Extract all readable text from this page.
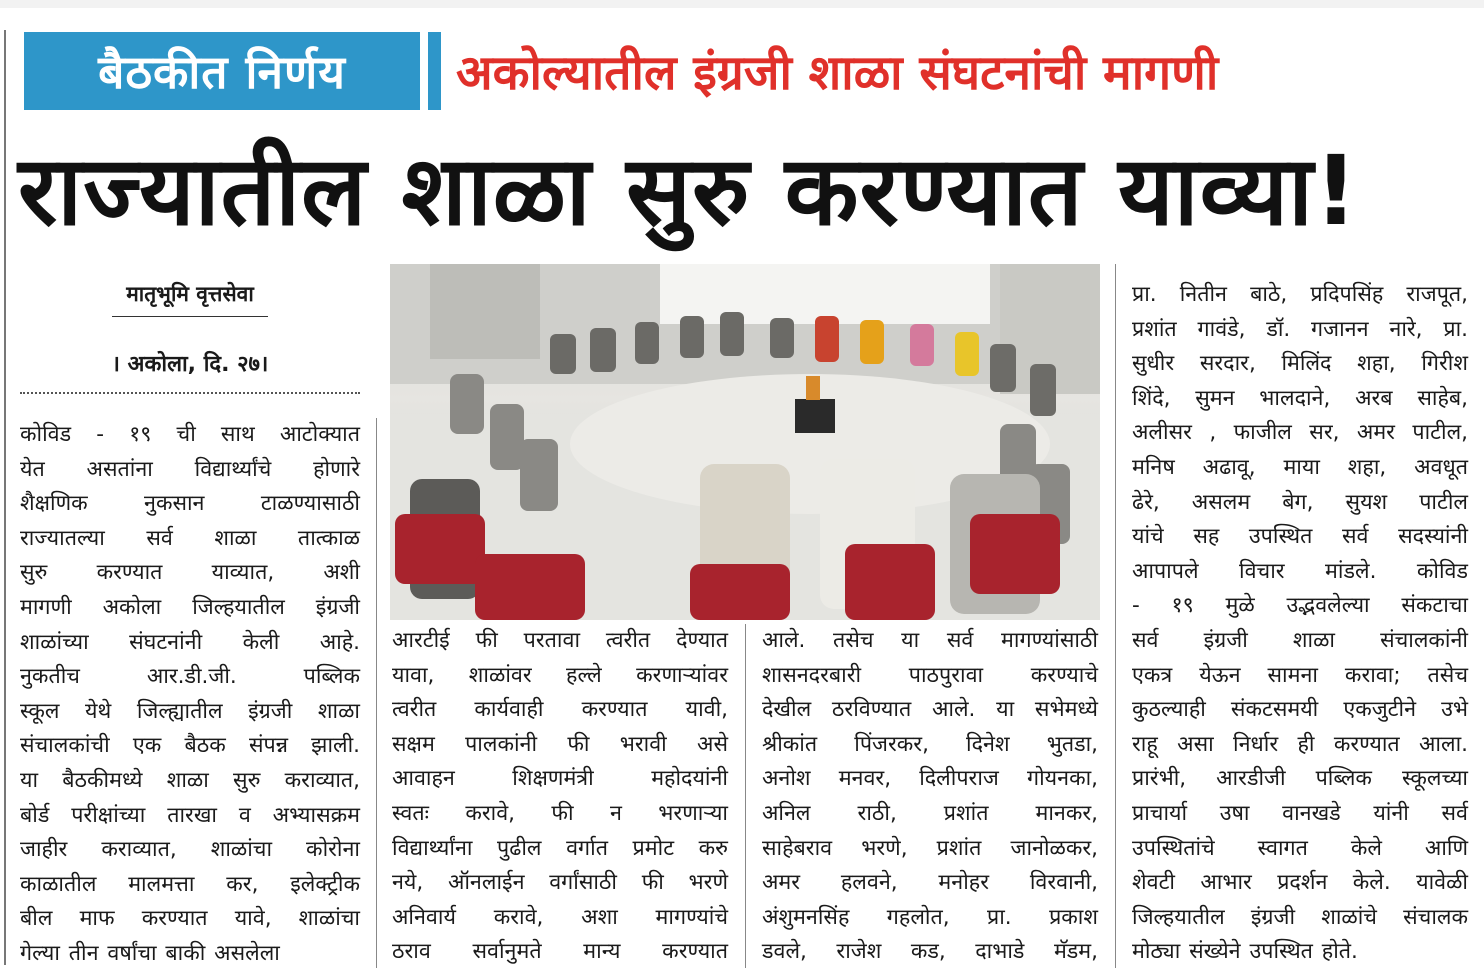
बैठकीत निर्णय अकोल्यातील इंग्रजी शाळा संघटनांची मागणी
राज्यातील शाळा सुरु करण्यात याव्या!
मातृभूमि वृत्तसेवा
। अकोला, दि. २७।

कोविड - १९ ची साथ आटोक्यात

येत असतांना विद्यार्थ्यांचे होणारे

शैक्षणिक नुकसान टाळण्यासाठी

राज्यातल्या सर्व शाळा तात्काळ

सुरु करण्यात याव्यात, अशी

मागणी अकोला जिल्हयातील इंग्रजी

शाळांच्या संघटनांनी केली आहे.

नुकतीच आर.डी.जी. पब्लिक

स्कूल येथे जिल्ह्यातील इंग्रजी शाळा

संचालकांची एक बैठक संपन्न झाली.

या बैठकीमध्ये शाळा सुरु कराव्यात,

बोर्ड परीक्षांच्या तारखा व अभ्यासक्रम

जाहीर कराव्यात, शाळांचा कोरोना

काळातील मालमत्ता कर, इलेक्ट्रीक

बील माफ करण्यात यावे, शाळांचा

गेल्या तीन वर्षांचा बाकी असलेला

आरटीई फी परतावा त्वरीत देण्यात

यावा, शाळांवर हल्ले करणाऱ्यांवर

त्वरीत कार्यवाही करण्यात यावी,

सक्षम पालकांनी फी भरावी असे

आवाहन शिक्षणमंत्री महोदयांनी

स्वतः करावे, फी न भरणाऱ्या

विद्यार्थ्यांना पुढील वर्गात प्रमोट करु

नये, ऑनलाईन वर्गांसाठी फी भरणे

अनिवार्य करावे, अशा मागण्यांचे

ठराव सर्वानुमते मान्य करण्यात

आले. तसेच या सर्व मागण्यांसाठी

शासनदरबारी पाठपुरावा करण्याचे

देखील ठरविण्यात आले. या सभेमध्ये

श्रीकांत पिंजरकर, दिनेश भुतडा,

अनोश मनवर, दिलीपराज गोयनका,

अनिल राठी, प्रशांत मानकर,

साहेबराव भरणे, प्रशांत जानोळकर,

अमर हलवने, मनोहर विरवानी,

अंशुमनसिंह गहलोत, प्रा. प्रकाश

डवले, राजेश कड, दाभाडे मॅडम,

प्रा. नितीन बाठे, प्रदिपसिंह राजपूत,

प्रशांत गावंडे, डॉ. गजानन नारे, प्रा.

सुधीर सरदार, मिलिंद शहा, गिरीश

शिंदे, सुमन भालदाने, अरब साहेब,

अलीसर , फाजील सर, अमर पाटील,

मनिष अढावू, माया शहा, अवधूत

ढेरे, असलम बेग, सुयश पाटील

यांचे सह उपस्थित सर्व सदस्यांनी

आपापले विचार मांडले. कोविड

- १९ मुळे उद्भवलेल्या संकटाचा

सर्व इंग्रजी शाळा संचालकांनी

एकत्र येऊन सामना करावा; तसेच

कुठल्याही संकटसमयी एकजुटीने उभे

राहू असा निर्धार ही करण्यात आला.

प्रारंभी, आरडीजी पब्लिक स्कूलच्या

प्राचार्या उषा वानखडे यांनी सर्व

उपस्थितांचे स्वागत केले आणि

शेवटी आभार प्रदर्शन केले. यावेळी

जिल्हयातील इंग्रजी शाळांचे संचालक

मोठ्या संख्येने उपस्थित होते.
